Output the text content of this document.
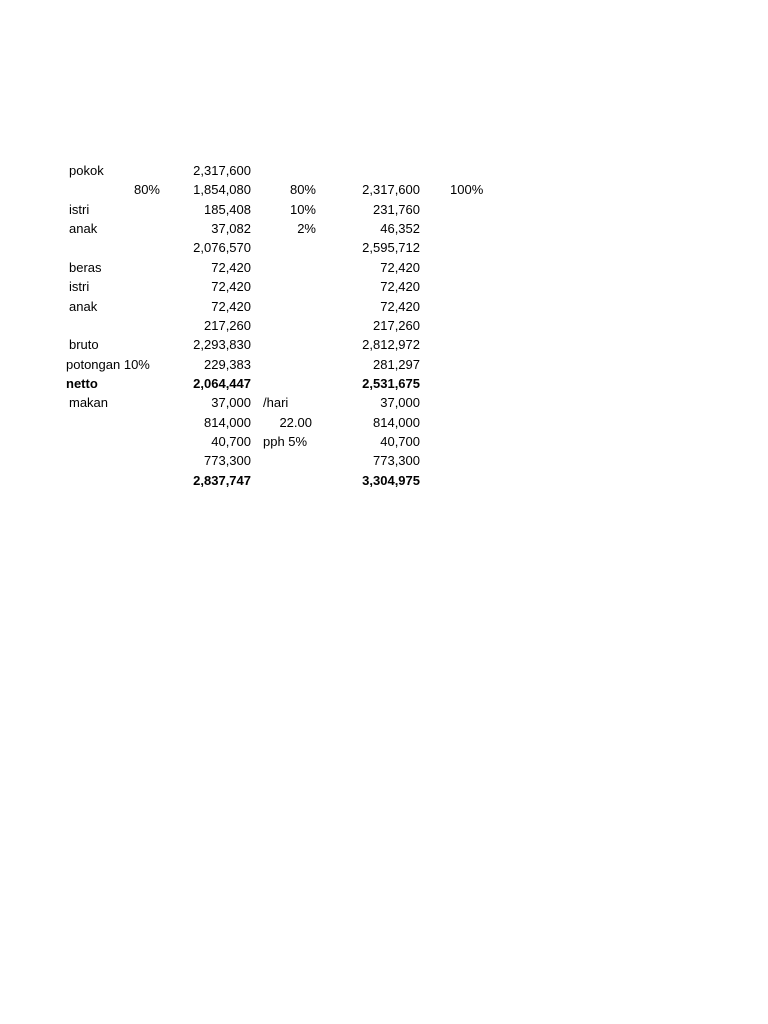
pokok	2,317,600
80%	1,854,080	80%	2,317,600 100%
istri	185,408	10%	231,760
anak	37,082	2%	46,352
2,076,570	2,595,712
beras	72,420	72,420
istri	72,420	72,420
anak	72,420	72,420
217,260	217,260
bruto	2,293,830	2,812,972
potongan 10%	229,383	281,297
netto	2,064,447	2,531,675
makan	37,000 /hari	37,000
814,000	22.00	814,000
40,700 pph 5%	40,700
773,300	773,300
2,837,747	3,304,975
